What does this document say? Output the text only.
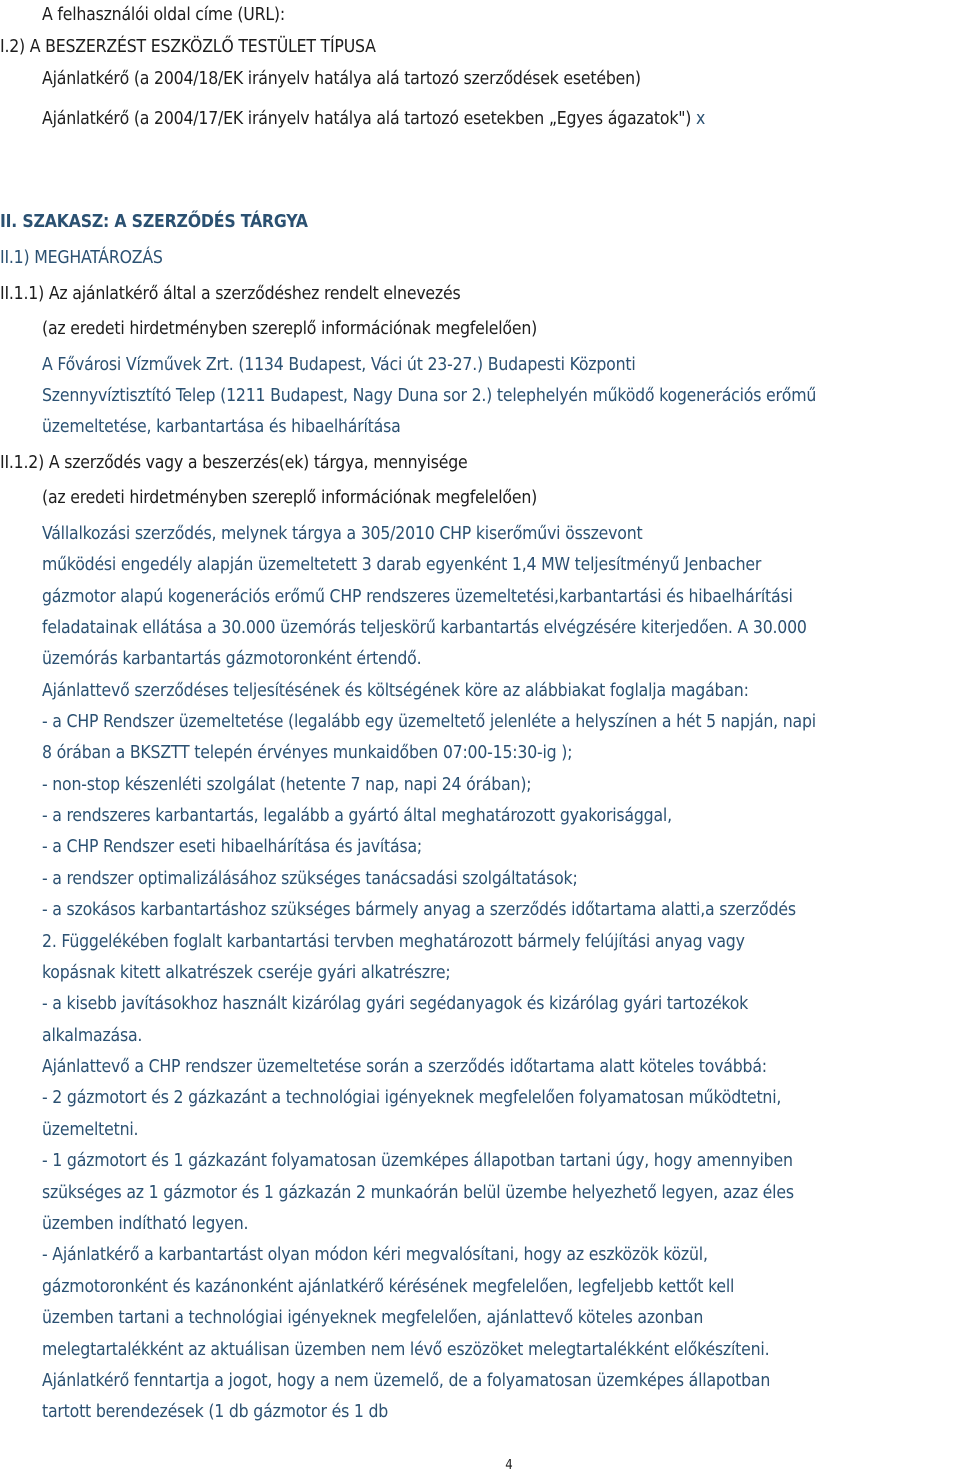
A felhasználói oldal címe (URL):
I.2) A BESZERZÉST ESZKÖZLŐ TESTÜLET TÍPUSA
Ajánlatkérő (a 2004/18/EK irányelv hatálya alá tartozó szerződések esetében)
Ajánlatkérő (a 2004/17/EK irányelv hatálya alá tartozó esetekben „Egyes ágazatok") x
II. SZAKASZ: A SZERZŐDÉS TÁRGYA
II.1) MEGHATÁROZÁS
II.1.1) Az ajánlatkérő által a szerződéshez rendelt elnevezés
(az eredeti hirdetményben szereplő információnak megfelelően)
A Fővárosi Vízművek Zrt. (1134 Budapest, Váci út 23-27.) Budapesti Központi
Szennyvíztisztító Telep (1211 Budapest, Nagy Duna sor 2.) telephelyén működő kogenerációs erőmű
üzemeltetése, karbantartása és hibaelhárítása
II.1.2) A szerződés vagy a beszerzés(ek) tárgya, mennyisége
(az eredeti hirdetményben szereplő információnak megfelelően)
Vállalkozási szerződés, melynek tárgya a 305/2010 CHP kiserőművi összevont
működési engedély alapján üzemeltetett 3 darab egyenként 1,4 MW teljesítményű Jenbacher
gázmotor alapú kogenerációs erőmű CHP rendszeres üzemeltetési,karbantartási és hibaelhárítási
feladatainak ellátása a 30.000 üzemórás teljeskörű karbantartás elvégzésére kiterjedően. A 30.000
üzemórás karbantartás gázmotoronként értendő.
Ajánlattevő szerződéses teljesítésének és költségének köre az alábbiakat foglalja magában:
- a CHP Rendszer üzemeltetése (legalább egy üzemeltető jelenléte a helyszínen a hét 5 napján, napi
8 órában a BKSZTT telepén érvényes munkaidőben 07:00-15:30-ig );
- non-stop készenléti szolgálat (hetente 7 nap, napi 24 órában);
- a rendszeres karbantartás, legalább a gyártó által meghatározott gyakorisággal,
- a CHP Rendszer eseti hibaelhárítása és javítása;
- a rendszer optimalizálásához szükséges tanácsadási szolgáltatások;
- a szokásos karbantartáshoz szükséges bármely anyag a szerződés időtartama alatti,a szerződés
2. Függelékében foglalt karbantartási tervben meghatározott bármely felújítási anyag vagy
kopásnak kitett alkatrészek cseréje gyári alkatrészre;
- a kisebb javításokhoz használt kizárólag gyári segédanyagok és kizárólag gyári tartozékok
alkalmazása.
Ajánlattevő a CHP rendszer üzemeltetése során a szerződés időtartama alatt köteles továbbá:
- 2 gázmotort és 2 gázkazánt a technológiai igényeknek megfelelően folyamatosan működtetni,
üzemeltetni.
- 1 gázmotort és 1 gázkazánt folyamatosan üzemképes állapotban tartani úgy, hogy amennyiben
szükséges az 1 gázmotor és 1 gázkazán 2 munkaórán belül üzembe helyezhető legyen, azaz éles
üzemben indítható legyen.
- Ajánlatkérő a karbantartást olyan módon kéri megvalósítani, hogy az eszközök közül,
gázmotoronként és kazánonként ajánlatkérő kérésének megfelelően, legfeljebb kettőt kell
üzemben tartani a technológiai igényeknek megfelelően, ajánlattevő köteles azonban
melegtartalékként az aktuálisan üzemben nem lévő eszözöket melegtartalékként előkészíteni.
Ajánlatkérő fenntartja a jogot, hogy a nem üzemelő, de a folyamatosan üzemképes állapotban
tartott berendezések (1 db gázmotor és 1 db
4
